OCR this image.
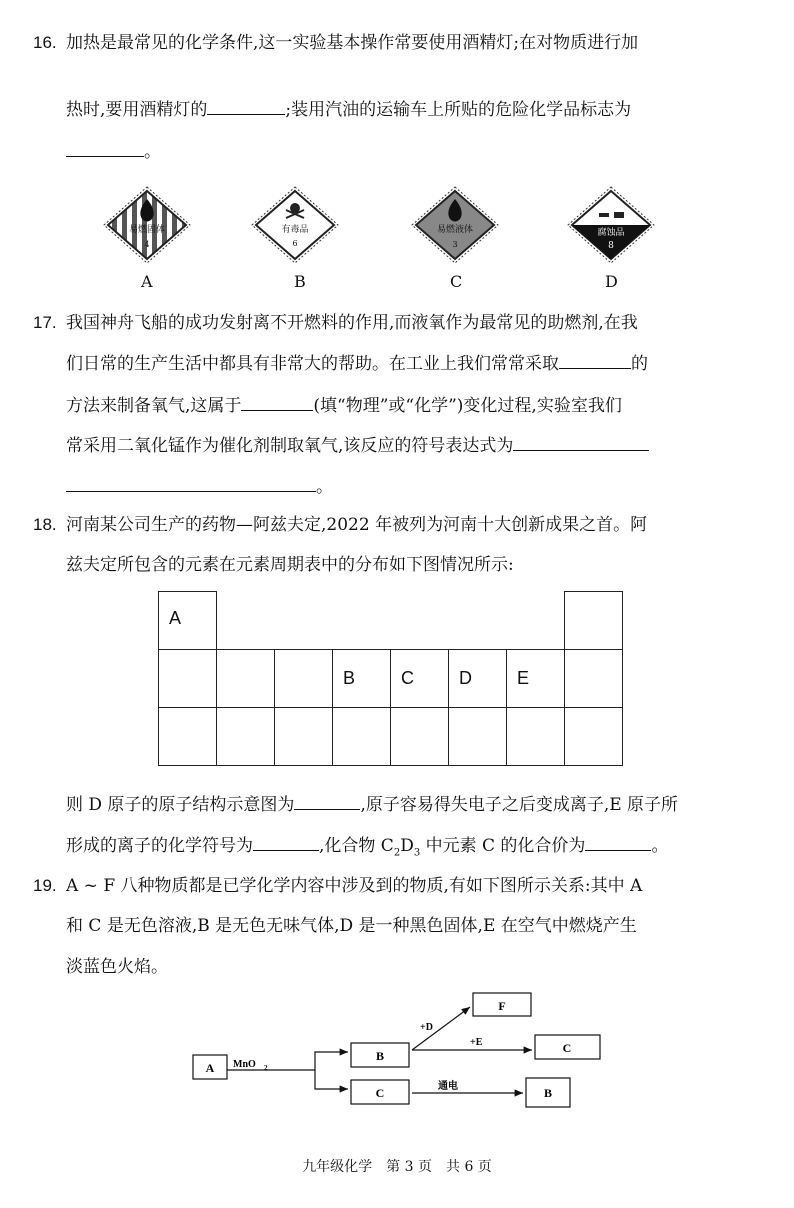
16. 加热是最常见的化学条件,这一实验基本操作常要使用酒精灯;在对物质进行加
热时,要用酒精灯的	;装用汽油的运输车上所贴的危险化学品标志为
。
易燃固体
4
有毒品
6
易燃液体
3
腐蚀品
8
A	B	C	D
17. 我国神舟飞船的成功发射离不开燃料的作用,而液氧作为最常见的助燃剂,在我
们日常的生产生活中都具有非常大的帮助。在工业上我们常常采取	的
方法来制备氧气,这属于	(填“物理”或“化学”)变化过程,实验室我们
常采用二氧化锰作为催化剂制取氧气,该反应的符号表达式为
。
18. 河南某公司生产的药物—阿兹夫定,2022 年被列为河南十大创新成果之首。阿
兹夫定所包含的元素在元素周期表中的分布如下图情况所示:
A							
			B	C	D	E	

则 D 原子的原子结构示意图为	,原子容易得失电子之后变成离子,E 原子所
形成的离子的化学符号为	,化合物 $C_2D_3$ 中元素 C 的化合价为	。
19. A ~ F 八种物质都是已学化学内容中涉及到的物质,有如下图所示关系:其中 A
和 C 是无色溶液,B 是无色无味气体,D 是一种黑色固体,E 在空气中燃烧产生
淡蓝色火焰。
A
B
C
F
C
B
MnO 2
+D
+E
通电
九年级化学　第 3 页　共 6 页
